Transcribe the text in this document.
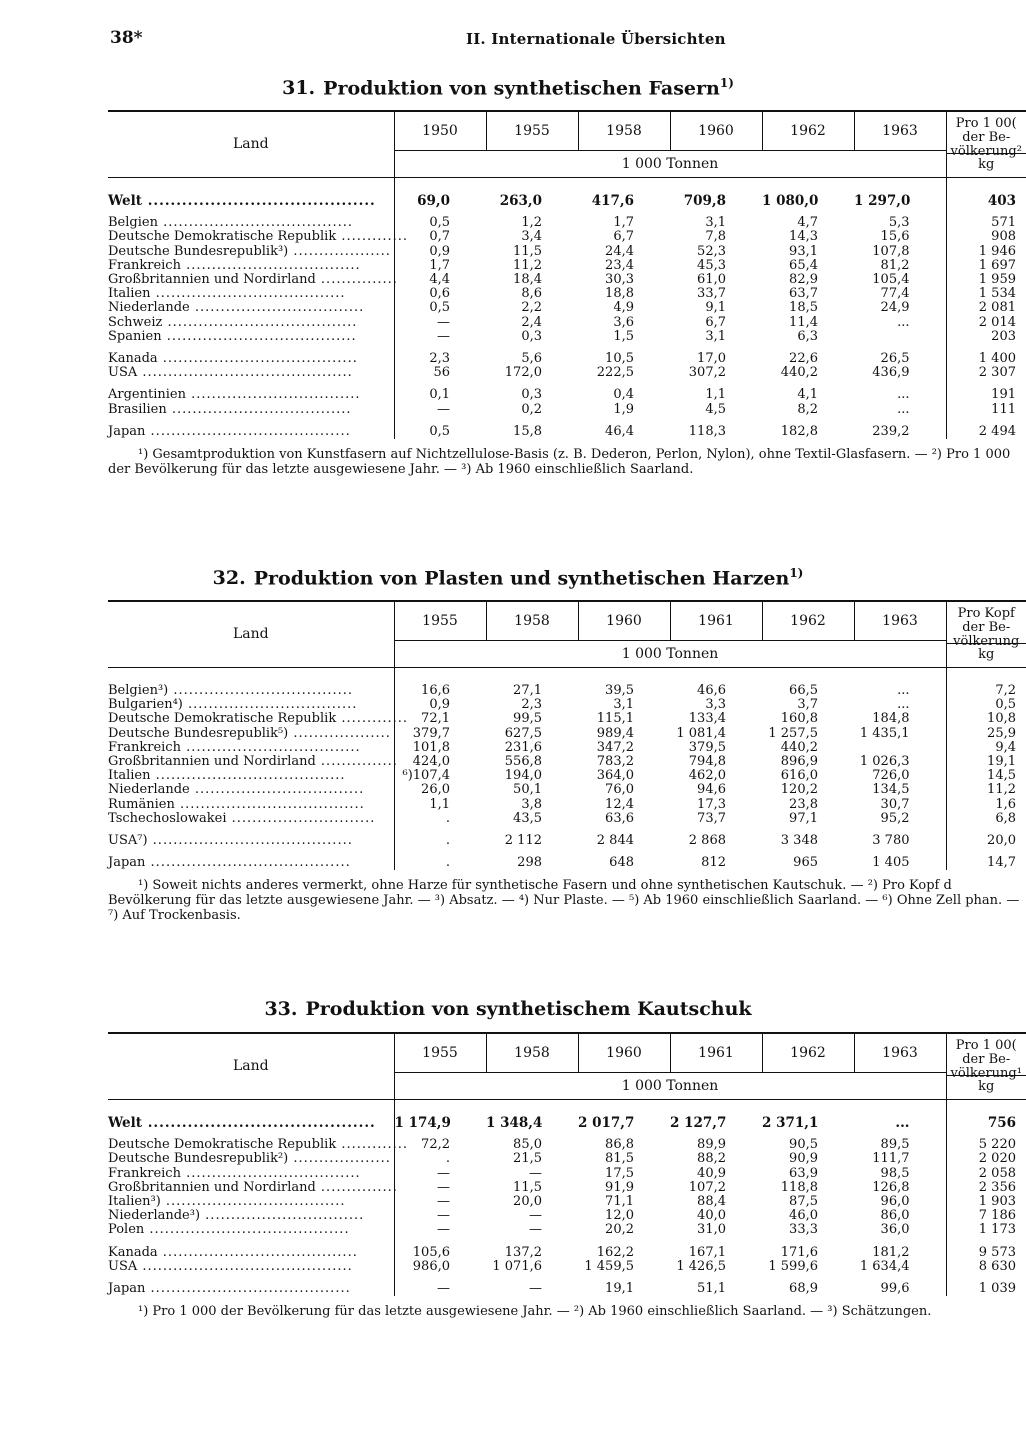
38*	II. Internationale Übersichten
31. Produktion von synthetischen Fasern$^{1)}$
Land	1950	1955	1958	1960	1962	1963	Pro 1 00(
der Be-
völkerung²
kg

	1 000 Tonnen						

Welt ........................................	69,0	263,0	417,6	709,8	1 080,0	1 297,0	403

Belgien .....................................	0,5	1,2	1,7	3,1	4,7	5,3	571
Deutsche Demokratische Republik .............	0,7	3,4	6,7	7,8	14,3	15,6	908
Deutsche Bundesrepublik³) ...................	0,9	11,5	24,4	52,3	93,1	107,8	1 946
Frankreich ..................................	1,7	11,2	23,4	45,3	65,4	81,2	1 697
Großbritannien und Nordirland ...............	4,4	18,4	30,3	61,0	82,9	105,4	1 959
Italien .....................................	0,6	8,6	18,8	33,7	63,7	77,4	1 534
Niederlande .................................	0,5	2,2	4,9	9,1	18,5	24,9	2 081
Schweiz .....................................	—	2,4	3,6	6,7	11,4	...	2 014
Spanien .....................................	—	0,3	1,5	3,1	6,3		203

Kanada ......................................	2,3	5,6	10,5	17,0	22,6	26,5	1 400
USA .........................................	56	172,0	222,5	307,2	440,2	436,9	2 307

Argentinien .................................	0,1	0,3	0,4	1,1	4,1	...	191
Brasilien ...................................	—	0,2	1,9	4,5	8,2	...	111

Japan .......................................	0,5	15,8	46,4	118,3	182,8	239,2	2 494
¹) Gesamtproduktion von Kunstfasern auf Nichtzellulose-Basis (z. B. Dederon, Perlon, Nylon), ohne Textil-Glasfasern. — ²) Pro 1 000 der Bevölkerung für das letzte ausgewiesene Jahr. — ³) Ab 1960 einschließlich Saarland.
32. Produktion von Plasten und synthetischen Harzen$^{1)}$
Land	1955	1958	1960	1961	1962	1963	Pro Kopf
der Be-
völkerung
kg

	1 000 Tonnen						

Belgien³) ...................................	16,6	27,1	39,5	46,6	66,5	...	7,2
Bulgarien⁴) .................................	0,9	2,3	3,1	3,3	3,7	...	0,5
Deutsche Demokratische Republik .............	72,1	99,5	115,1	133,4	160,8	184,8	10,8
Deutsche Bundesrepublik⁵) ...................	379,7	627,5	989,4	1 081,4	1 257,5	1 435,1	25,9
Frankreich ..................................	101,8	231,6	347,2	379,5	440,2		9,4
Großbritannien und Nordirland ...............	424,0	556,8	783,2	794,8	896,9	1 026,3	19,1
Italien .....................................	⁶)107,4	194,0	364,0	462,0	616,0	726,0	14,5
Niederlande .................................	26,0	50,1	76,0	94,6	120,2	134,5	11,2
Rumänien ....................................	1,1	3,8	12,4	17,3	23,8	30,7	1,6
Tschechoslowakei ............................	.	43,5	63,6	73,7	97,1	95,2	6,8

USA⁷) .......................................	.	2 112	2 844	2 868	3 348	3 780	20,0

Japan .......................................	.	298	648	812	965	1 405	14,7
¹) Soweit nichts anderes vermerkt, ohne Harze für synthetische Fasern und ohne synthetischen Kautschuk. — ²) Pro Kopf d Bevölkerung für das letzte ausgewiesene Jahr. — ³) Absatz. — ⁴) Nur Plaste. — ⁵) Ab 1960 einschließlich Saarland. — ⁶) Ohne Zell phan. — ⁷) Auf Trockenbasis.
33. Produktion von synthetischem Kautschuk
Land	1955	1958	1960	1961	1962	1963	Pro 1 00(
der Be-
völkerung¹
kg

	1 000 Tonnen						

Welt ........................................	1 174,9	1 348,4	2 017,7	2 127,7	2 371,1	...	756

Deutsche Demokratische Republik .............	72,2	85,0	86,8	89,9	90,5	89,5	5 220
Deutsche Bundesrepublik²) ...................	.	21,5	81,5	88,2	90,9	111,7	2 020
Frankreich ..................................	—	—	17,5	40,9	63,9	98,5	2 058
Großbritannien und Nordirland ...............	—	11,5	91,9	107,2	118,8	126,8	2 356
Italien³) ...................................	—	20,0	71,1	88,4	87,5	96,0	1 903
Niederlande³) ...............................	—	—	12,0	40,0	46,0	86,0	7 186
Polen .......................................	—	—	20,2	31,0	33,3	36,0	1 173

Kanada ......................................	105,6	137,2	162,2	167,1	171,6	181,2	9 573
USA .........................................	986,0	1 071,6	1 459,5	1 426,5	1 599,6	1 634,4	8 630

Japan .......................................	—	—	19,1	51,1	68,9	99,6	1 039
¹) Pro 1 000 der Bevölkerung für das letzte ausgewiesene Jahr. — ²) Ab 1960 einschließlich Saarland. — ³) Schätzungen.
